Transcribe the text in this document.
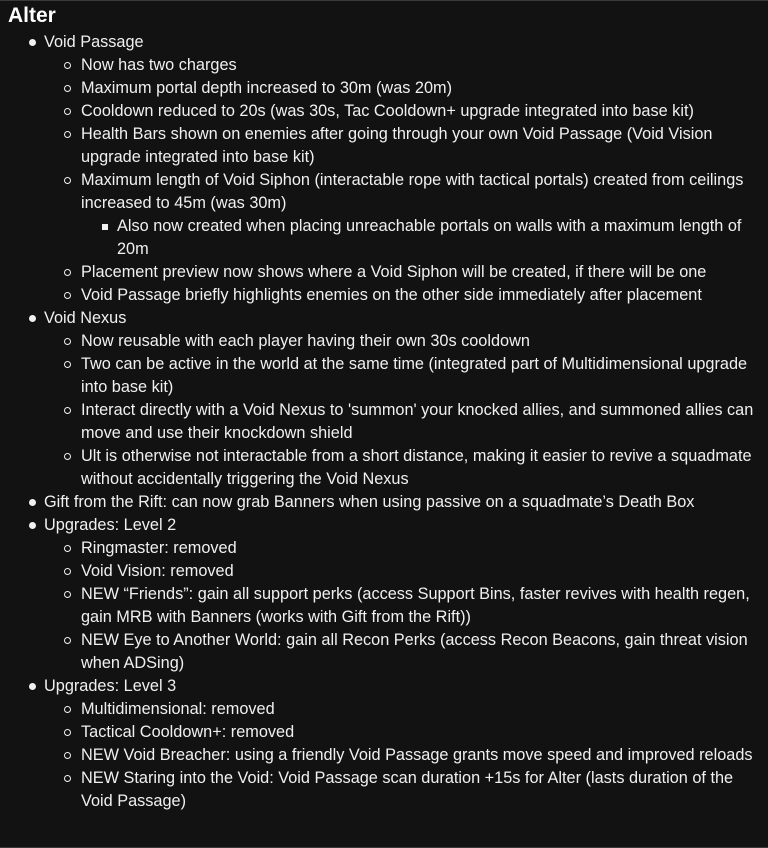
Alter
Void Passage
Now has two charges
Maximum portal depth increased to 30m (was 20m)
Cooldown reduced to 20s (was 30s, Tac Cooldown+ upgrade integrated into base kit)
Health Bars shown on enemies after going through your own Void Passage (Void Vision upgrade integrated into base kit)
Maximum length of Void Siphon (interactable rope with tactical portals) created from ceilings increased to 45m (was 30m)
Also now created when placing unreachable portals on walls with a maximum length of 20m
Placement preview now shows where a Void Siphon will be created, if there will be one
Void Passage briefly highlights enemies on the other side immediately after placement
Void Nexus
Now reusable with each player having their own 30s cooldown
Two can be active in the world at the same time (integrated part of Multidimensional upgrade into base kit)
Interact directly with a Void Nexus to 'summon' your knocked allies, and summoned allies can move and use their knockdown shield
Ult is otherwise not interactable from a short distance, making it easier to revive a squadmate without accidentally triggering the Void Nexus
Gift from the Rift: can now grab Banners when using passive on a squadmate’s Death Box
Upgrades: Level 2
Ringmaster: removed
Void Vision: removed
NEW “Friends”: gain all support perks (access Support Bins, faster revives with health regen, gain MRB with Banners (works with Gift from the Rift))
NEW Eye to Another World: gain all Recon Perks (access Recon Beacons, gain threat vision when ADSing)
Upgrades: Level 3
Multidimensional: removed
Tactical Cooldown+: removed
NEW Void Breacher: using a friendly Void Passage grants move speed and improved reloads
NEW Staring into the Void: Void Passage scan duration +15s for Alter (lasts duration of the Void Passage)
